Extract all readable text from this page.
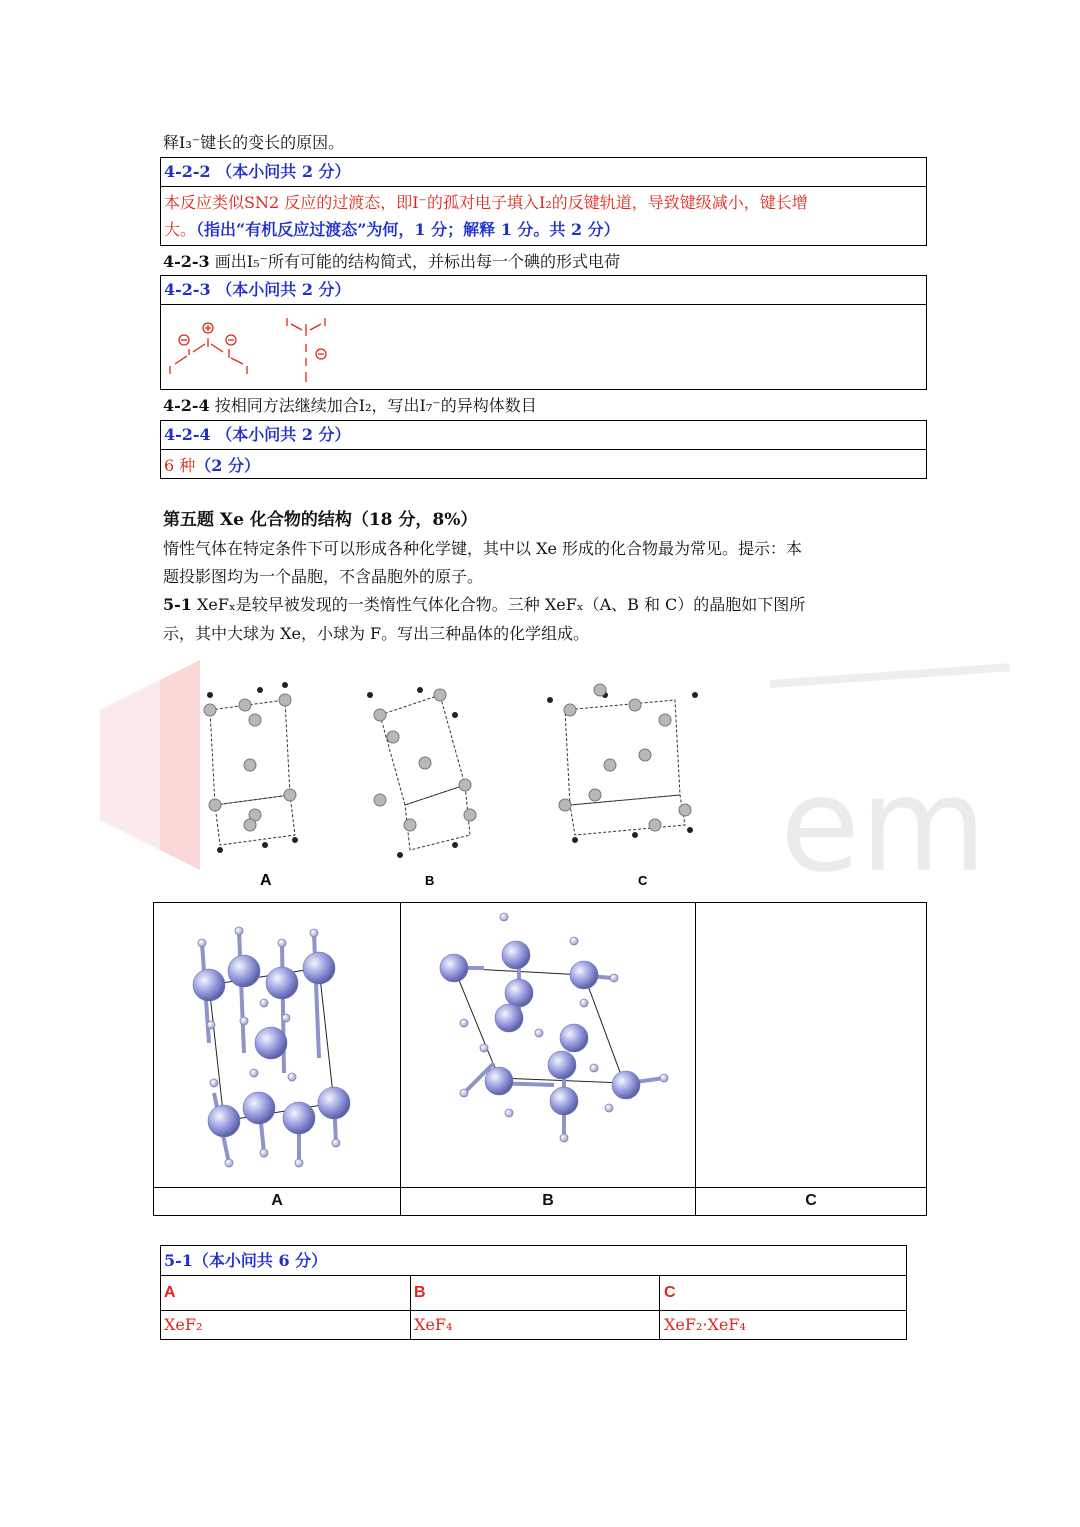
em
释I₃⁻键长的变长的原因。
4-2-2 （本小问共 2 分）
本反应类似SN2 反应的过渡态，即I⁻的孤对电子填入I₂的反键轨道，导致键级减小，键长增
大。（指出“有机反应过渡态”为何，1 分；解释 1 分。共 2 分）
4-2-3 画出I₅⁻所有可能的结构简式，并标出每一个碘的形式电荷
4-2-3 （本小问共 2 分）
4-2-4 按相同方法继续加合I₂，写出I₇⁻的异构体数目
4-2-4 （本小问共 2 分）
6 种（2 分）
第五题 Xe 化合物的结构（18 分，8%）
惰性气体在特定条件下可以形成各种化学键，其中以 Xe 形成的化合物最为常见。提示：本
题投影图均为一个晶胞，不含晶胞外的原子。
5-1 XeFₓ是较早被发现的一类惰性气体化合物。三种 XeFₓ（A、B 和 C）的晶胞如下图所
示，其中大球为 Xe，小球为 F。写出三种晶体的化学组成。
A	B	C
A	B	C
5-1（本小问共 6 分）
A	B	C
XeF₂	XeF₄	XeF₂·XeF₄
